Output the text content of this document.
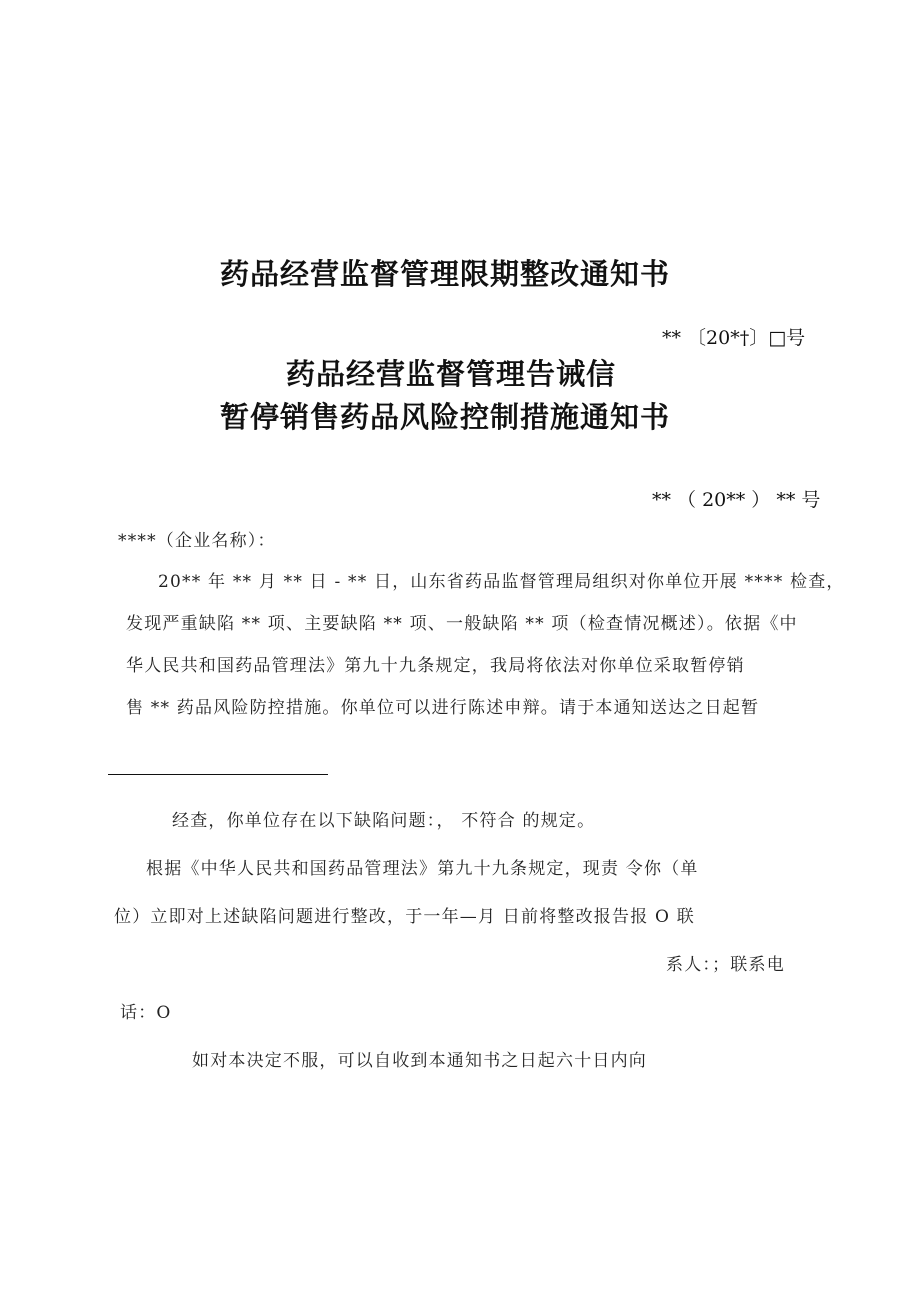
药品经营监督管理限期整改通知书
** 〔20*†〕□号
药品经营监督管理告诫信
暂停销售药品风险控制措施通知书
** （ 20** ） ** 号
****（企业名称）：
20** 年 ** 月 ** 日 - ** 日，山东省药品监督管理局组织对你单位开展 **** 检查，
发现严重缺陷 ** 项、主要缺陷 ** 项、一般缺陷 ** 项（检查情况概述）。依据《中
华人民共和国药品管理法》第九十九条规定，我局将依法对你单位采取暂停销
售 ** 药品风险防控措施。你单位可以进行陈述申辩。请于本通知送达之日起暂
经查，你单位存在以下缺陷问题：， 不符合 的规定。
根据《中华人民共和国药品管理法》第九十九条规定，现责 令你（单
位）立即对上述缺陷问题进行整改，于一年—月 日前将整改报告报 O 联
系人：；联系电
话：O
如对本决定不服，可以自收到本通知书之日起六十日内向
